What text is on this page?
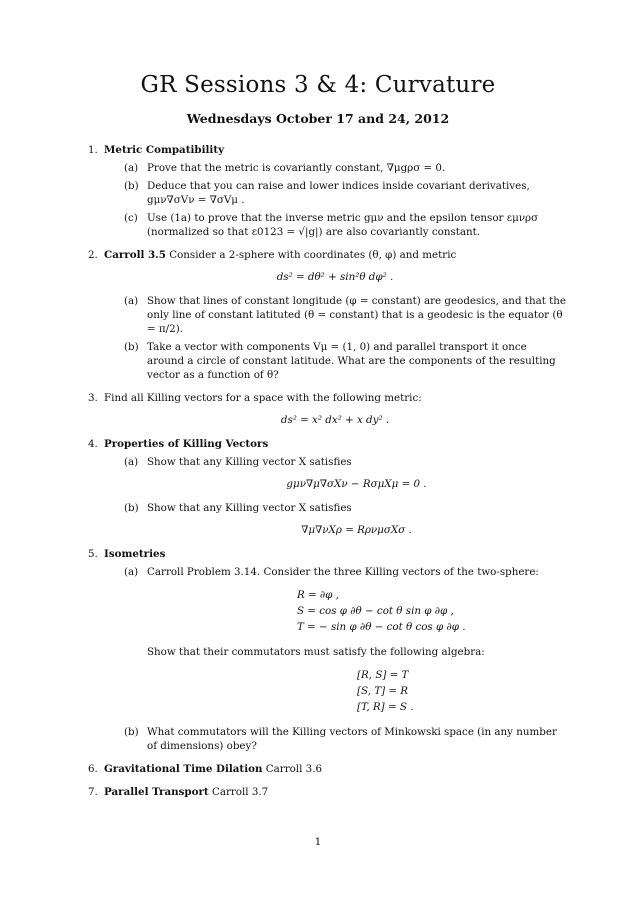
GR Sessions 3 & 4: Curvature
Wednesdays October 17 and 24, 2012
1. Metric Compatibility
(a) Prove that the metric is covariantly constant, ∇μgρσ = 0.
(b) Deduce that you can raise and lower indices inside covariant derivatives, gμν∇σVν = ∇σVμ .
(c) Use (1a) to prove that the inverse metric gμν and the epsilon tensor εμνρσ (normalized so that ε0123 = √|g|) are also covariantly constant.
2. Carroll 3.5 Consider a 2-sphere with coordinates (θ, φ) and metric
ds² = dθ² + sin²θ dφ² .
(a) Show that lines of constant longitude (φ = constant) are geodesics, and that the only line of constant latituted (θ = constant) that is a geodesic is the equator (θ = π/2).
(b) Take a vector with components Vμ = (1, 0) and parallel transport it once around a circle of constant latitude. What are the components of the resulting vector as a function of θ?
3. Find all Killing vectors for a space with the following metric:
ds² = x² dx² + x dy² .
4. Properties of Killing Vectors
(a) Show that any Killing vector X satisfies
gμν∇μ∇σXν − RσμXμ = 0 .
(b) Show that any Killing vector X satisfies
∇μ∇νXρ = RρνμσXσ .
5. Isometries
(a) Carroll Problem 3.14. Consider the three Killing vectors of the two-sphere:
R = ∂φ ,
S = cos φ ∂θ − cot θ sin φ ∂φ ,
T = − sin φ ∂θ − cot θ cos φ ∂φ .
Show that their commutators must satisfy the following algebra:
[R, S] = T
[S, T] = R
[T, R] = S .
(b) What commutators will the Killing vectors of Minkowski space (in any number of dimensions) obey?
6. Gravitational Time Dilation Carroll 3.6
7. Parallel Transport Carroll 3.7
1
